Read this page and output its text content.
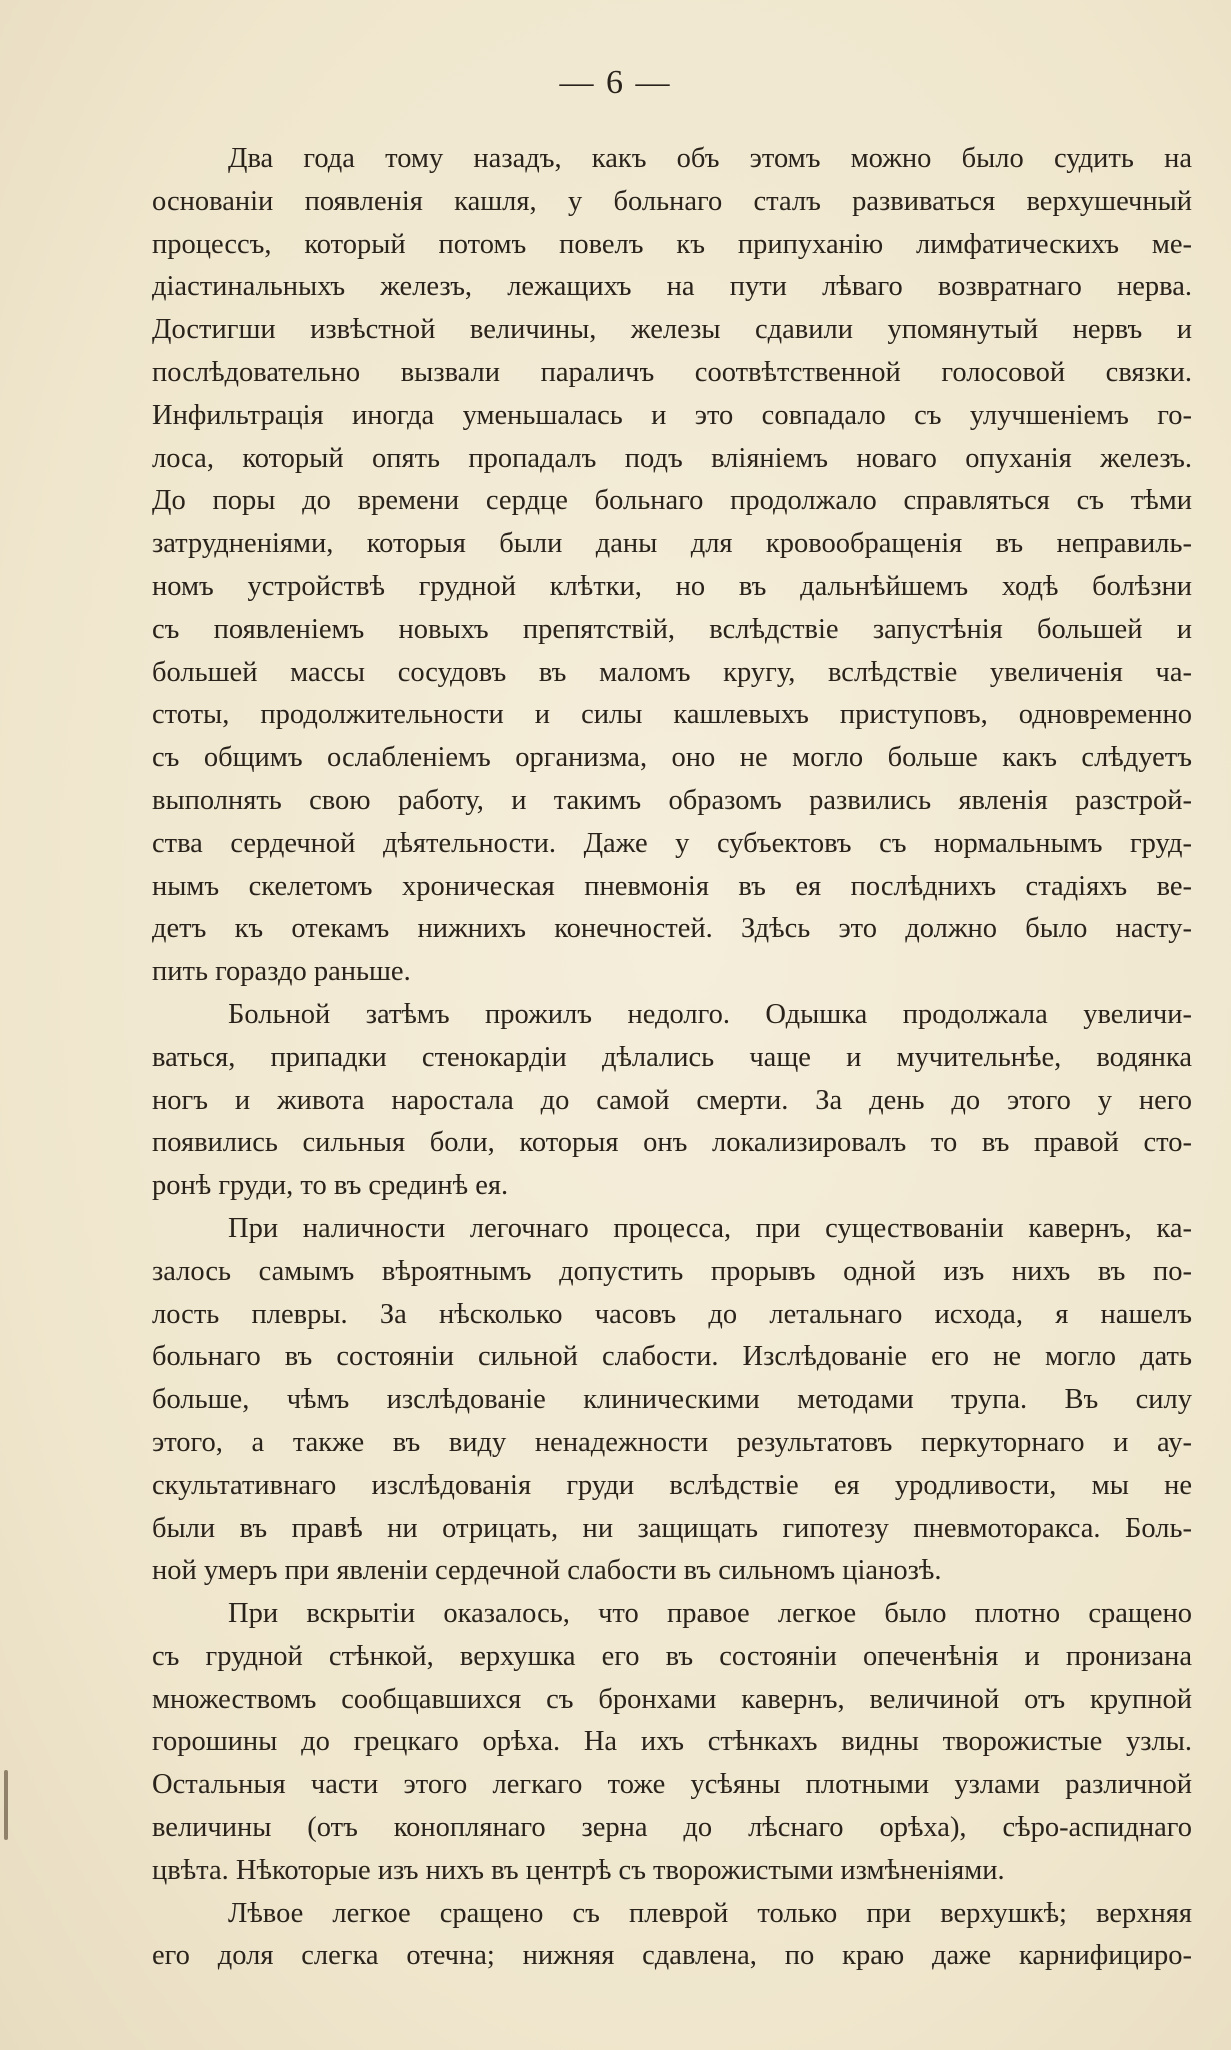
— 6 —
Два года тому назадъ, какъ объ этомъ можно было судить на
основанiи появленiя кашля, у больнаго сталъ развиваться верхушечный
процессъ, который потомъ повелъ къ припуханiю лимфатическихъ ме-
дiастинальныхъ железъ, лежащихъ на пути лѣваго возвратнаго нерва.
Достигши извѣстной величины, железы сдавили упомянутый нервъ и
послѣдовательно вызвали параличъ соотвѣтственной голосовой связки.
Инфильтрацiя иногда уменьшалась и это совпадало съ улучшенiемъ го-
лоса, который опять пропадалъ подъ влiянiемъ новаго опуханiя железъ.
До поры до времени сердце больнаго продолжало справляться съ тѣми
затрудненiями, которыя были даны для кровообращенiя въ неправиль-
номъ устройствѣ грудной клѣтки, но въ дальнѣйшемъ ходѣ болѣзни
съ появленiемъ новыхъ препятствiй, вслѣдствiе запустѣнiя большей и
большей массы сосудовъ въ маломъ кругу, вслѣдствiе увеличенiя ча-
стоты, продолжительности и силы кашлевыхъ приступовъ, одновременно
съ общимъ ослабленiемъ организма, оно не могло больше какъ слѣдуетъ
выполнять свою работу, и такимъ образомъ развились явленiя разстрой-
ства сердечной дѣятельности. Даже у субъектовъ съ нормальнымъ груд-
нымъ скелетомъ хроническая пневмонiя въ ея послѣднихъ стадiяхъ ве-
детъ къ отекамъ нижнихъ конечностей. Здѣсь это должно было насту-
пить гораздо раньше.
Больной затѣмъ прожилъ недолго. Одышка продолжала увеличи-
ваться, припадки стенокардiи дѣлались чаще и мучительнѣе, водянка
ногъ и живота наростала до самой смерти. За день до этого у него
появились сильныя боли, которыя онъ локализировалъ то въ правой сто-
ронѣ груди, то въ срединѣ ея.
При наличности легочнаго процесса, при существованiи кавернъ, ка-
залось самымъ вѣроятнымъ допустить прорывъ одной изъ нихъ въ по-
лость плевры. За нѣсколько часовъ до летальнаго исхода, я нашелъ
больнаго въ состоянiи сильной слабости. Изслѣдованiе его не могло дать
больше, чѣмъ изслѣдованiе клиническими методами трупа. Въ силу
этого, а также въ виду ненадежности результатовъ перкуторнаго и ау-
скультативнаго изслѣдованiя груди вслѣдствiе ея уродливости, мы не
были въ правѣ ни отрицать, ни защищать гипотезу пневмоторакса. Боль-
ной умеръ при явленiи сердечной слабости въ сильномъ цiанозѣ.
При вскрытiи оказалось, что правое легкое было плотно сращено
съ грудной стѣнкой, верхушка его въ состоянiи опеченѣнiя и пронизана
множествомъ сообщавшихся съ бронхами кавернъ, величиной отъ крупной
горошины до грецкаго орѣха. На ихъ стѣнкахъ видны творожистые узлы.
Остальныя части этого легкаго тоже усѣяны плотными узлами различной
величины (отъ коноплянаго зерна до лѣснаго орѣха), сѣро-аспиднаго
цвѣта. Нѣкоторые изъ нихъ въ центрѣ съ творожистыми измѣненiями.
Лѣвое легкое сращено съ плеврой только при верхушкѣ; верхняя
его доля слегка отечна; нижняя сдавлена, по краю даже карнифициро-
